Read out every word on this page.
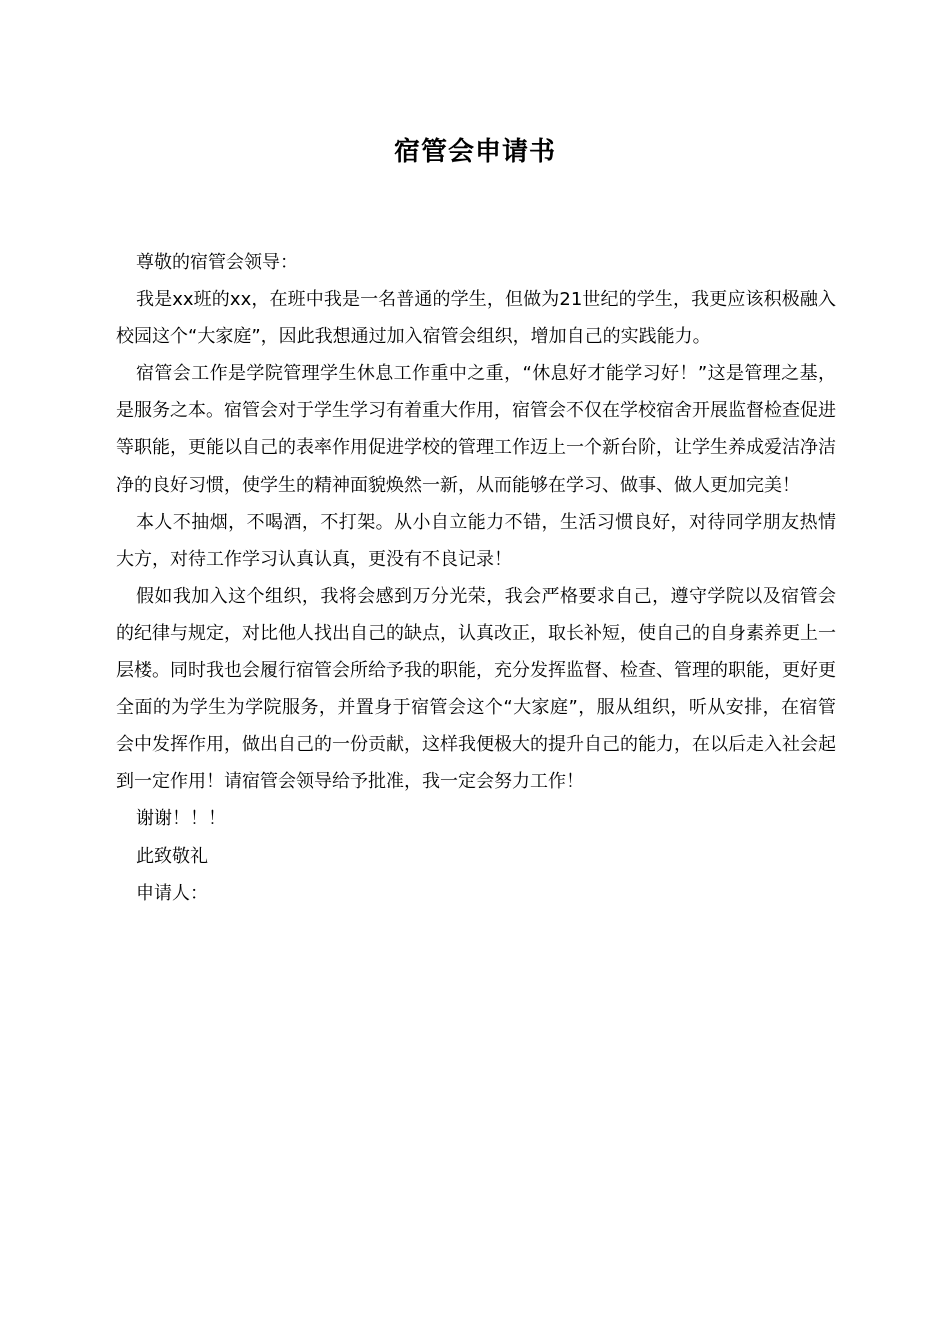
宿管会申请书

尊敬的宿管会领导：

我是xx班的xx，在班中我是一名普通的学生，但做为21世纪的学生，我更应该积极融入校园这个“大家庭”，因此我想通过加入宿管会组织，增加自己的实践能力。

宿管会工作是学院管理学生休息工作重中之重，“休息好才能学习好！”这是管理之基，是服务之本。宿管会对于学生学习有着重大作用，宿管会不仅在学校宿舍开展监督检查促进等职能，更能以自己的表率作用促进学校的管理工作迈上一个新台阶，让学生养成爱洁净洁净的良好习惯，使学生的精神面貌焕然一新，从而能够在学习、做事、做人更加完美！

本人不抽烟，不喝酒，不打架。从小自立能力不错，生活习惯良好，对待同学朋友热情大方，对待工作学习认真认真，更没有不良记录！

假如我加入这个组织，我将会感到万分光荣，我会严格要求自己，遵守学院以及宿管会的纪律与规定，对比他人找出自己的缺点，认真改正，取长补短，使自己的自身素养更上一层楼。同时我也会履行宿管会所给予我的职能，充分发挥监督、检查、管理的职能，更好更全面的为学生为学院服务，并置身于宿管会这个“大家庭”，服从组织，听从安排，在宿管会中发挥作用，做出自己的一份贡献，这样我便极大的提升自己的能力，在以后走入社会起到一定作用！请宿管会领导给予批准，我一定会努力工作！

谢谢！！！

此致敬礼

申请人：
